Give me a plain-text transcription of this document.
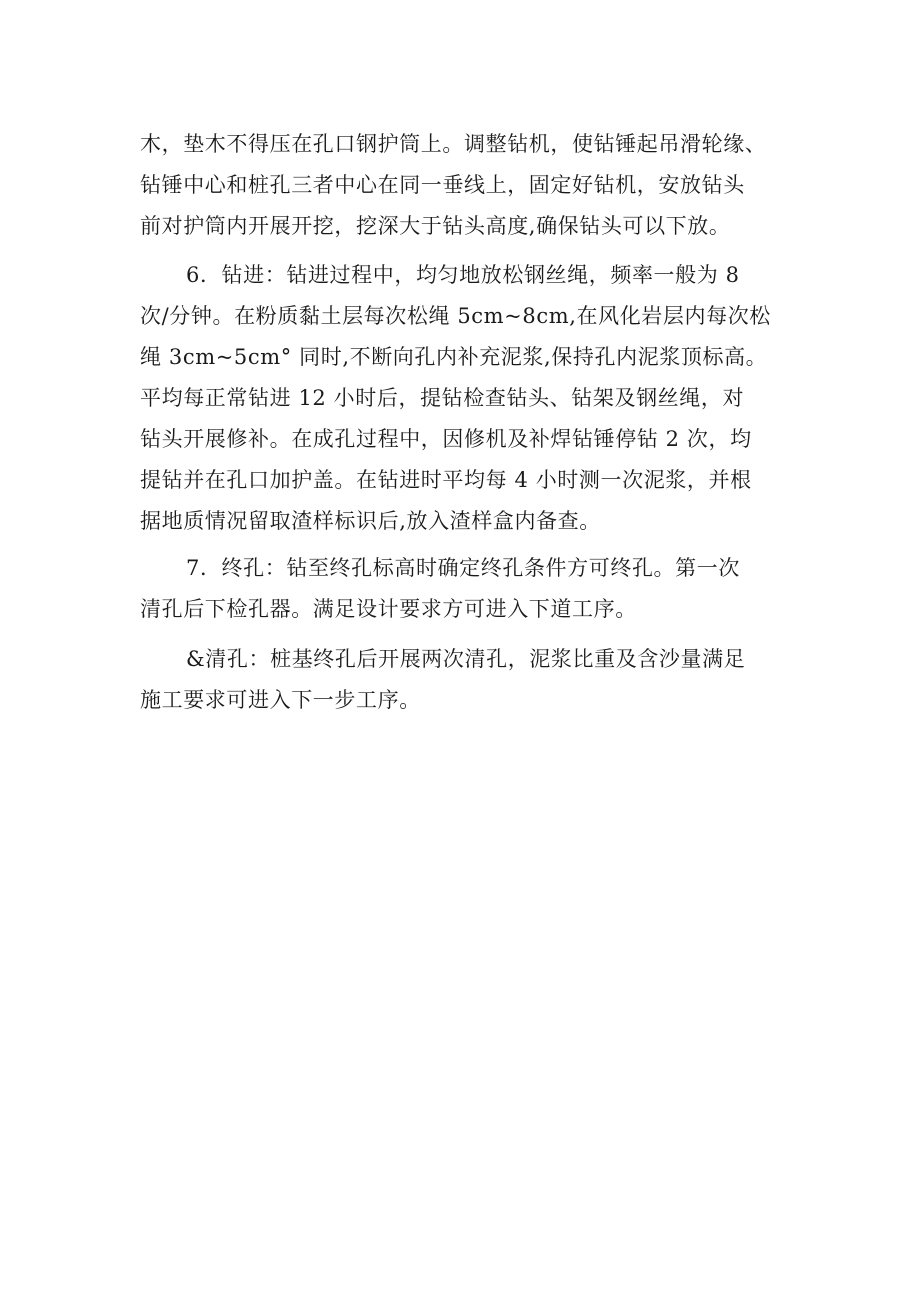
木，垫木不得压在孔口钢护筒上。调整钻机，使钻锤起吊滑轮缘、
钻锤中心和桩孔三者中心在同一垂线上，固定好钻机，安放钻头
前对护筒内开展开挖，挖深大于钻头高度,确保钻头可以下放。
6．钻进：钻进过程中，均匀地放松钢丝绳，频率一般为 8
次/分钟。在粉质黏土层每次松绳 5cm~8cm,在风化岩层内每次松
绳 3cm~5cm° 同时,不断向孔内补充泥浆,保持孔内泥浆顶标高。
平均每正常钻进 12 小时后，提钻检查钻头、钻架及钢丝绳，对
钻头开展修补。在成孔过程中，因修机及补焊钻锤停钻 2 次，均
提钻并在孔口加护盖。在钻进时平均每 4 小时测一次泥浆，并根
据地质情况留取渣样标识后,放入渣样盒内备查。
7．终孔：钻至终孔标高时确定终孔条件方可终孔。第一次
清孔后下检孔器。满足设计要求方可进入下道工序。
&清孔：桩基终孔后开展两次清孔，泥浆比重及含沙量满足
施工要求可进入下一步工序。
